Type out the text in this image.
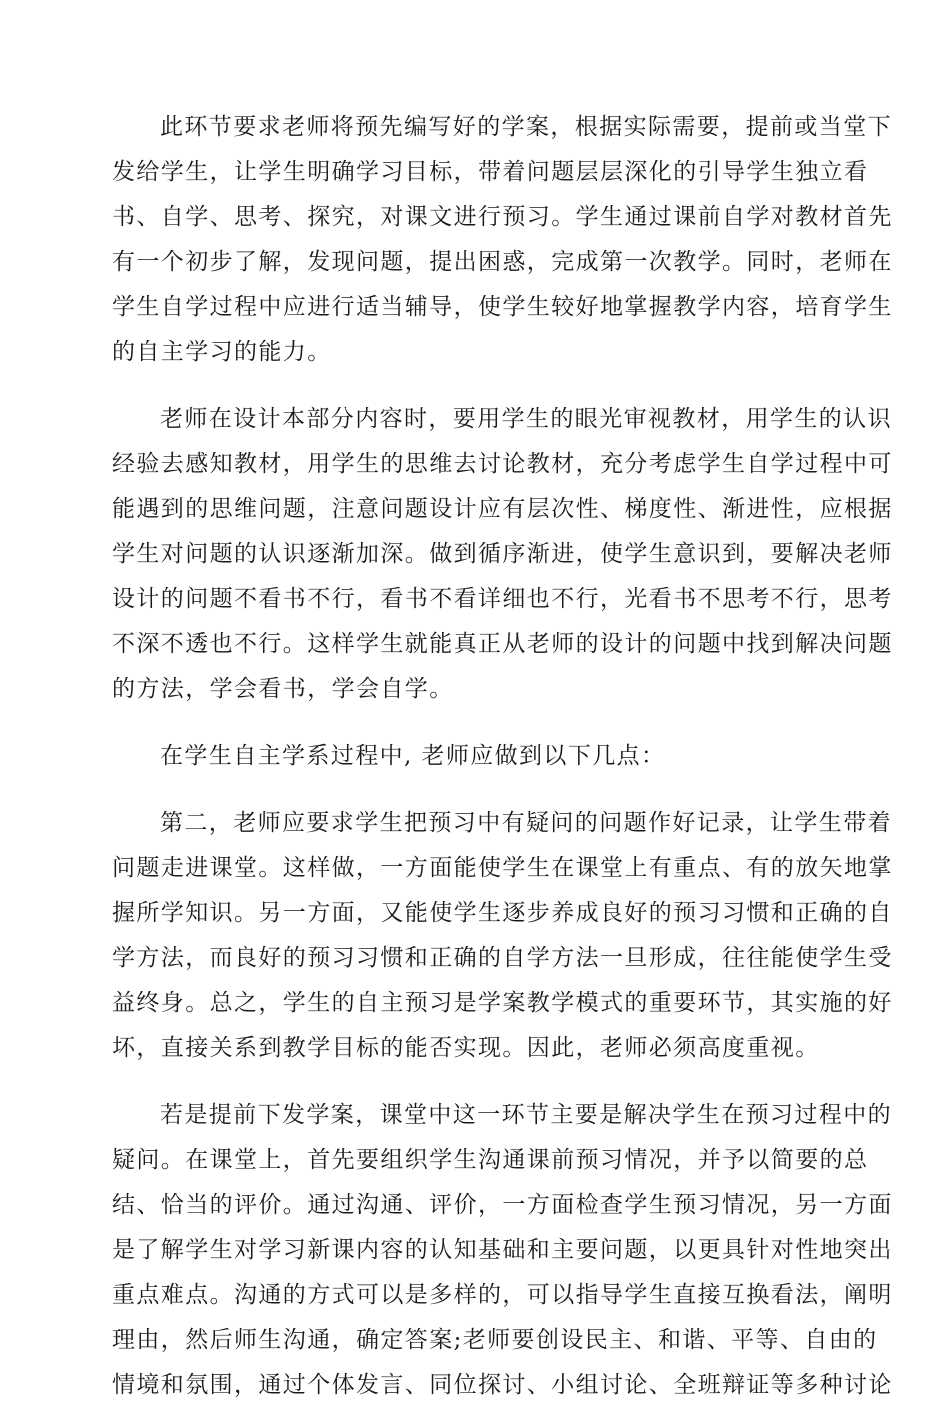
此环节要求老师将预先编写好的学案，根据实际需要，提前或当堂下
发给学生，让学生明确学习目标，带着问题层层深化的引导学生独立看
书、自学、思考、探究，对课文进行预习。学生通过课前自学对教材首先
有一个初步了解，发现问题，提出困惑，完成第一次教学。同时，老师在
学生自学过程中应进行适当辅导，使学生较好地掌握教学内容，培育学生
的自主学习的能力。

老师在设计本部分内容时，要用学生的眼光审视教材，用学生的认识
经验去感知教材，用学生的思维去讨论教材，充分考虑学生自学过程中可
能遇到的思维问题，注意问题设计应有层次性、梯度性、渐进性，应根据
学生对问题的认识逐渐加深。做到循序渐进，使学生意识到，要解决老师
设计的问题不看书不行，看书不看详细也不行，光看书不思考不行，思考
不深不透也不行。这样学生就能真正从老师的设计的问题中找到解决问题
的方法，学会看书，学会自学。

在学生自主学系过程中, 老师应做到以下几点：

第二，老师应要求学生把预习中有疑问的问题作好记录，让学生带着
问题走进课堂。这样做，一方面能使学生在课堂上有重点、有的放矢地掌
握所学知识。另一方面，又能使学生逐步养成良好的预习习惯和正确的自
学方法，而良好的预习习惯和正确的自学方法一旦形成，往往能使学生受
益终身。总之，学生的自主预习是学案教学模式的重要环节，其实施的好
坏，直接关系到教学目标的能否实现。因此，老师必须高度重视。

若是提前下发学案，课堂中这一环节主要是解决学生在预习过程中的
疑问。在课堂上，首先要组织学生沟通课前预习情况，并予以简要的总
结、恰当的评价。通过沟通、评价，一方面检查学生预习情况，另一方面
是了解学生对学习新课内容的认知基础和主要问题，以更具针对性地突出
重点难点。沟通的方式可以是多样的，可以指导学生直接互换看法，阐明
理由，然后师生沟通，确定答案;老师要创设民主、和谐、平等、自由的
情境和氛围，通过个体发言、同位探讨、小组讨论、全班辩证等多种讨论
